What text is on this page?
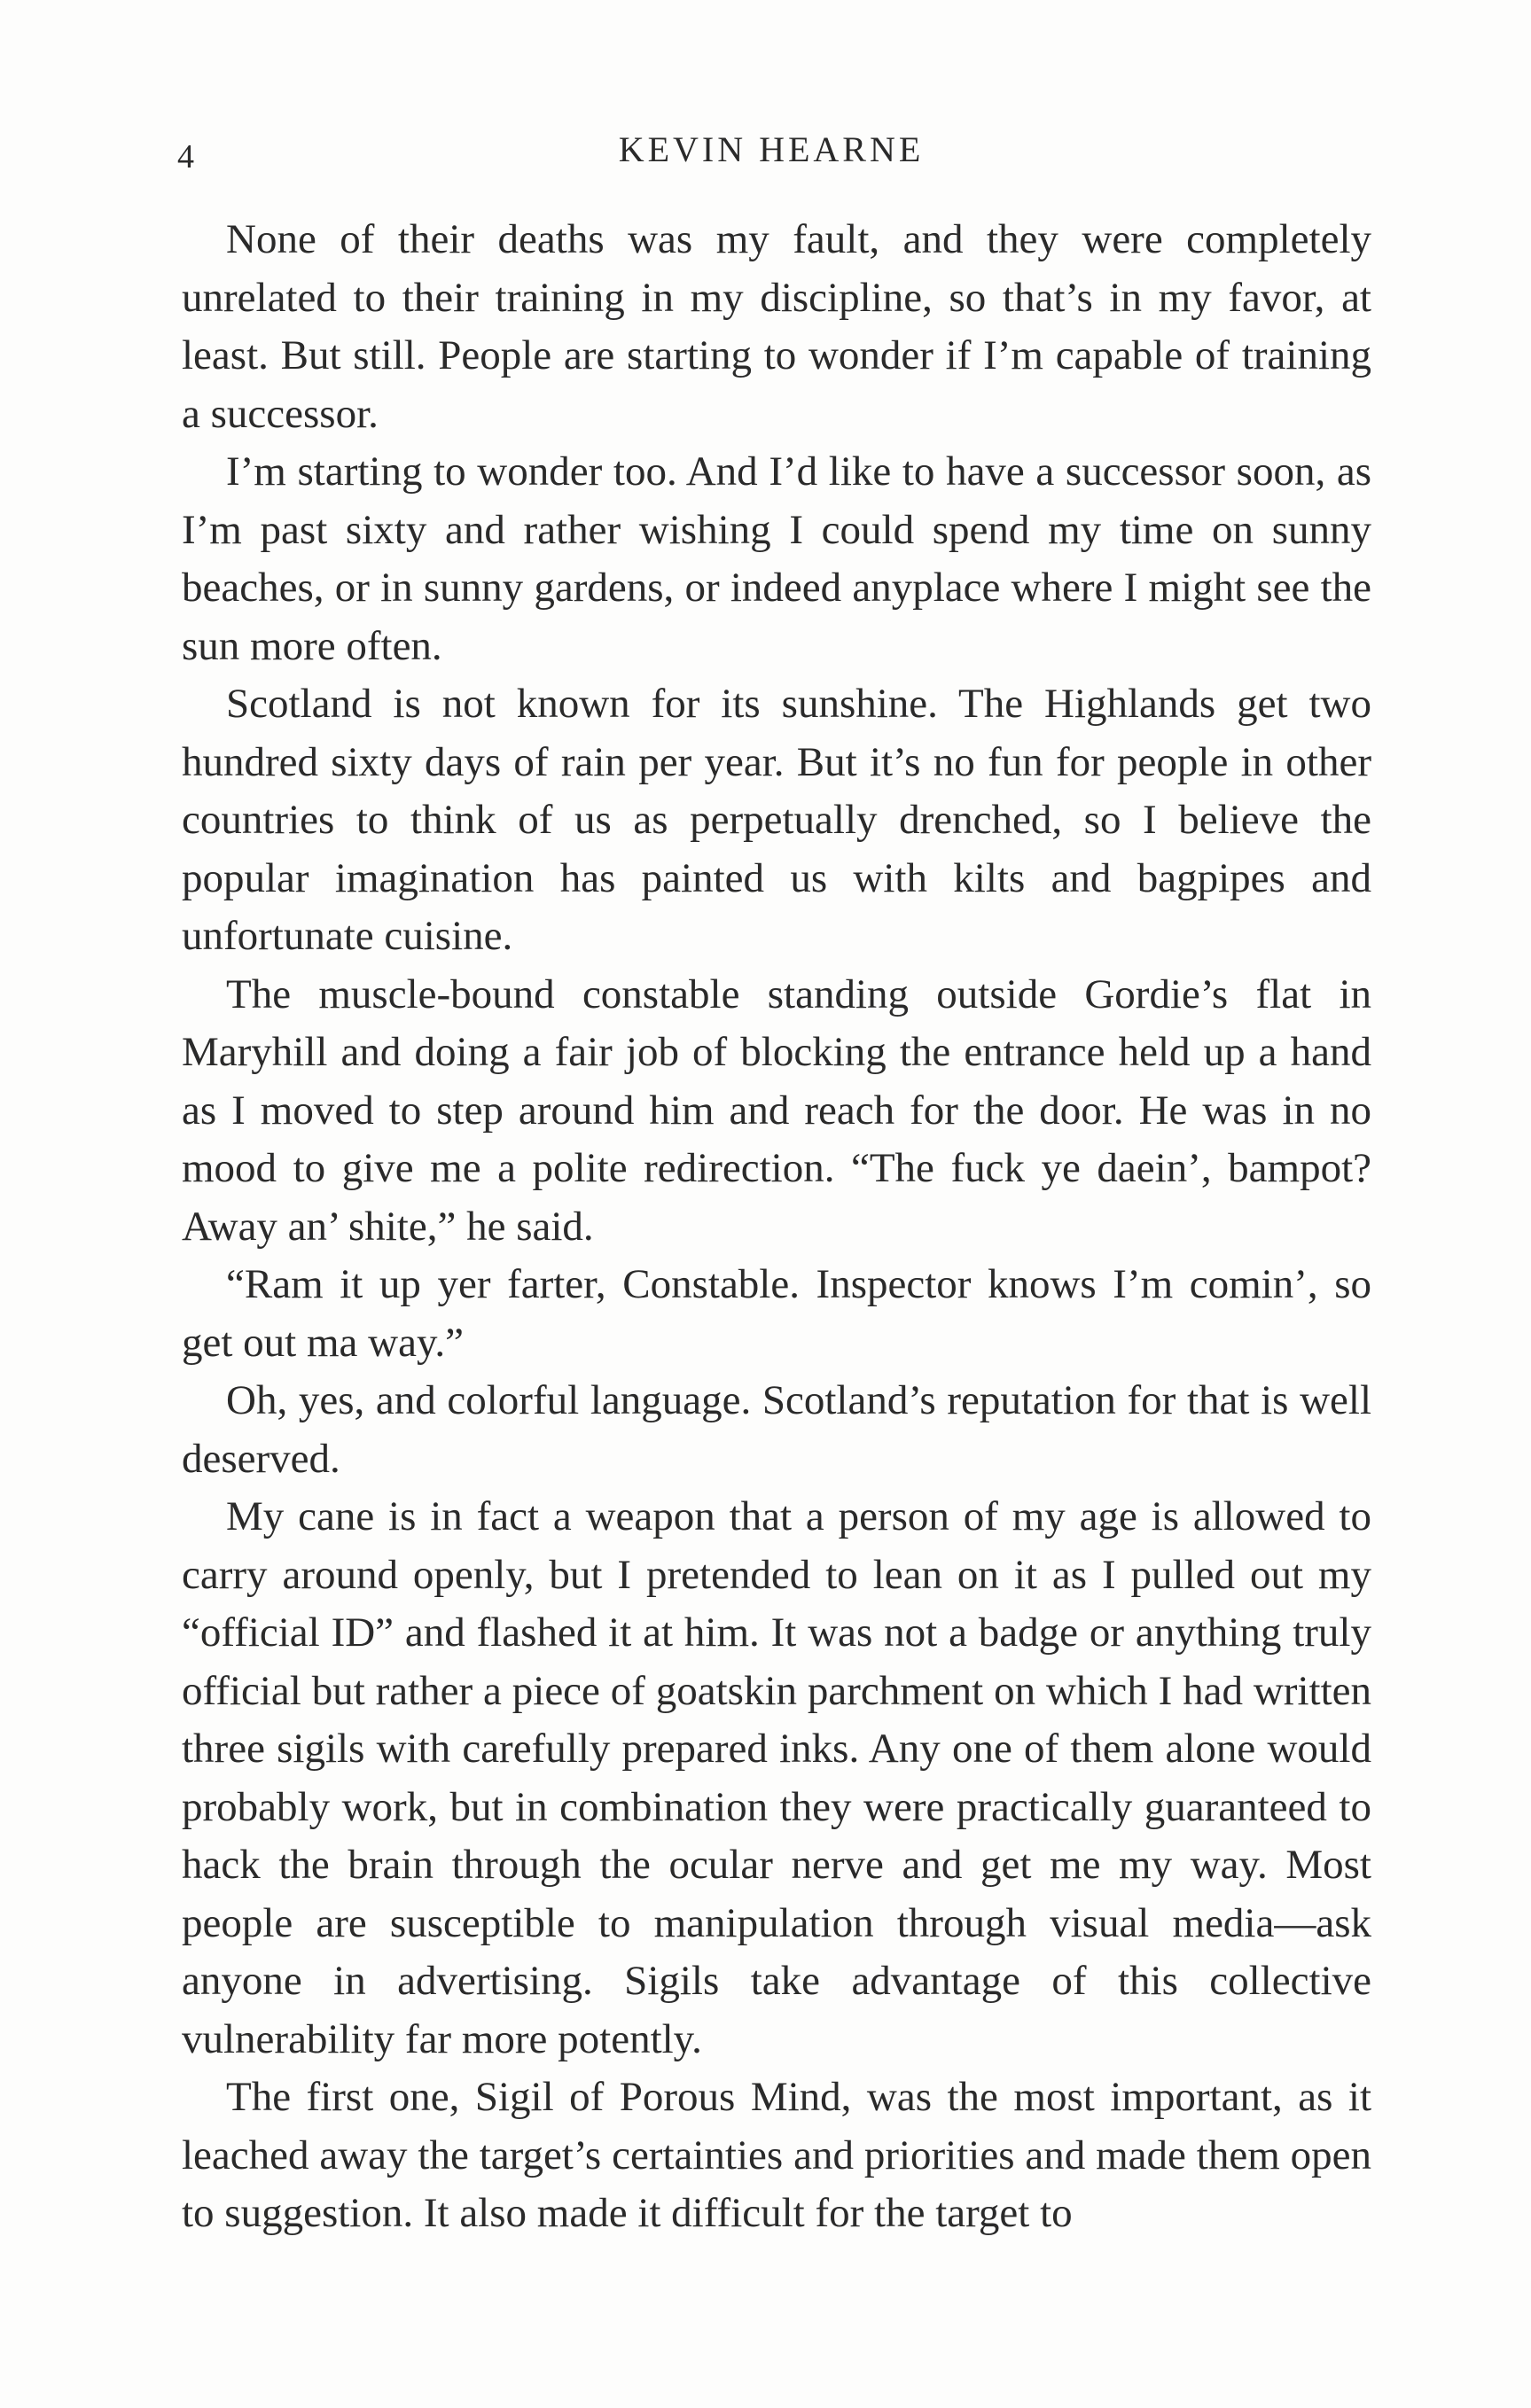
4	KEVIN HEARNE

None of their deaths was my fault, and they were completely unrelated to their training in my discipline, so that’s in my favor, at least. But still. People are starting to wonder if I’m capable of training a successor.

I’m starting to wonder too. And I’d like to have a successor soon, as I’m past sixty and rather wishing I could spend my time on sunny beaches, or in sunny gardens, or indeed anyplace where I might see the sun more often.

Scotland is not known for its sunshine. The Highlands get two hundred sixty days of rain per year. But it’s no fun for people in other countries to think of us as perpetually drenched, so I believe the popular imagination has painted us with kilts and bagpipes and unfortunate cuisine.

The muscle-bound constable standing outside Gordie’s flat in Maryhill and doing a fair job of blocking the entrance held up a hand as I moved to step around him and reach for the door. He was in no mood to give me a polite redirection. “The fuck ye daein’, bampot? Away an’ shite,” he said.

“Ram it up yer farter, Constable. Inspector knows I’m comin’, so get out ma way.”

Oh, yes, and colorful language. Scotland’s reputation for that is well deserved.

My cane is in fact a weapon that a person of my age is allowed to carry around openly, but I pretended to lean on it as I pulled out my “official ID” and flashed it at him. It was not a badge or anything truly official but rather a piece of goatskin parchment on which I had written three sigils with carefully prepared inks. Any one of them alone would probably work, but in combination they were practically guaranteed to hack the brain through the ocular nerve and get me my way. Most people are susceptible to manipulation through visual media—ask anyone in advertising. Sigils take advantage of this collective vulnerability far more potently.

The first one, Sigil of Porous Mind, was the most important, as it leached away the target’s certainties and priorities and made them open to suggestion. It also made it difficult for the target to
